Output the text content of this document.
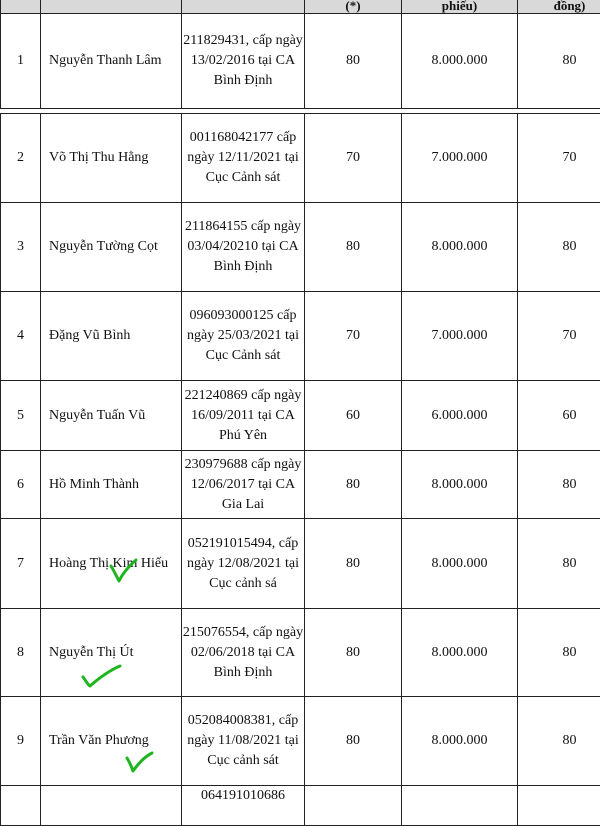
			(*)	phiếu)	đồng)
1	Nguyễn Thanh Lâm	211829431, cấp ngày 13/02/2016 tại CA Bình Định	80	8.000.000	80
2	Võ Thị Thu Hằng	001168042177 cấp ngày 12/11/2021 tại Cục Cảnh sát	70	7.000.000	70
3	Nguyễn Tường Cọt	211864155 cấp ngày 03/04/20210 tại CA Bình Định	80	8.000.000	80
4	Đặng Vũ Bình	096093000125 cấp ngày 25/03/2021 tại Cục Cảnh sát	70	7.000.000	70
5	Nguyễn Tuấn Vũ	221240869 cấp ngày 16/09/2011 tại CA Phú Yên	60	6.000.000	60
6	Hồ Minh Thành	230979688 cấp ngày 12/06/2017 tại CA Gia Lai	80	8.000.000	80
7	Hoàng Thị Kim Hiếu	052191015494, cấp ngày 12/08/2021 tại Cục cảnh sá	80	8.000.000	80
8	Nguyễn Thị Út	215076554, cấp ngày 02/06/2018 tại CA Bình Định	80	8.000.000	80
9	Trần Văn Phương	052084008381, cấp ngày 11/08/2021 tại Cục cảnh sát	80	8.000.000	80
		064191010686			
